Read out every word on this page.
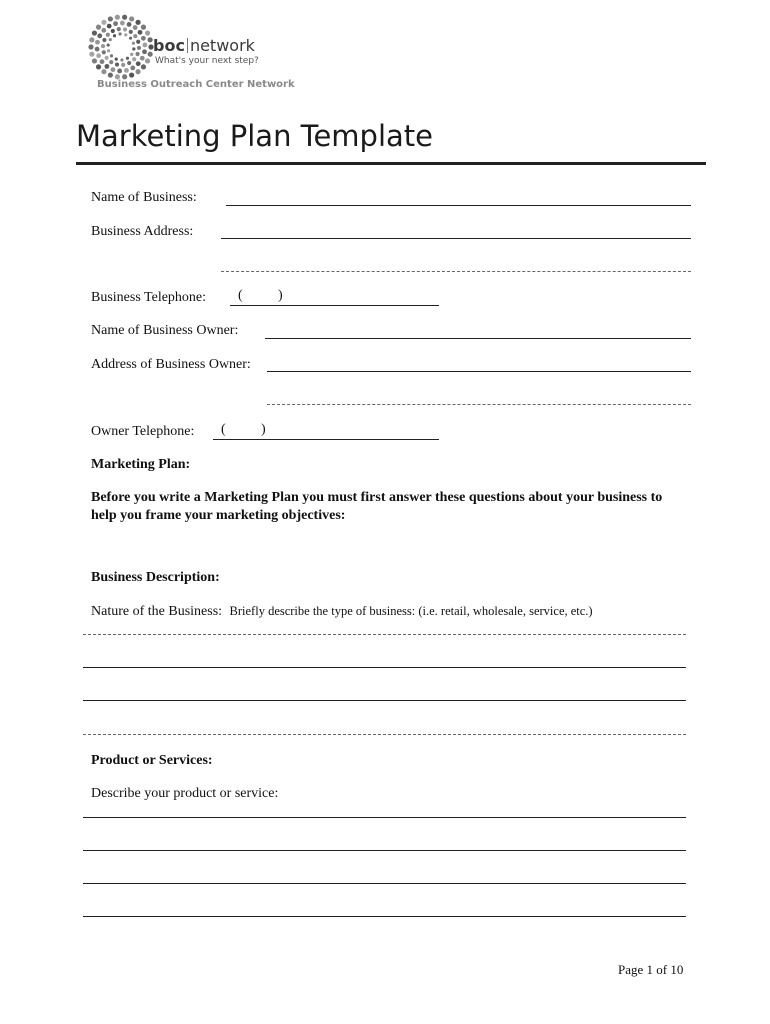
boc network
What's your next step?
Business Outreach Center Network
Marketing Plan Template
Name of Business:
Business Address:
Business Telephone: (	)
Name of Business Owner:
Address of Business Owner:
Owner Telephone: (	)
Marketing Plan:
Before you write a Marketing Plan you must first answer these questions about your business to help you frame your marketing objectives:
Business Description:
Nature of the Business: Briefly describe the type of business: (i.e. retail, wholesale, service, etc.)
Product or Services:
Describe your product or service:
Page 1 of 10
